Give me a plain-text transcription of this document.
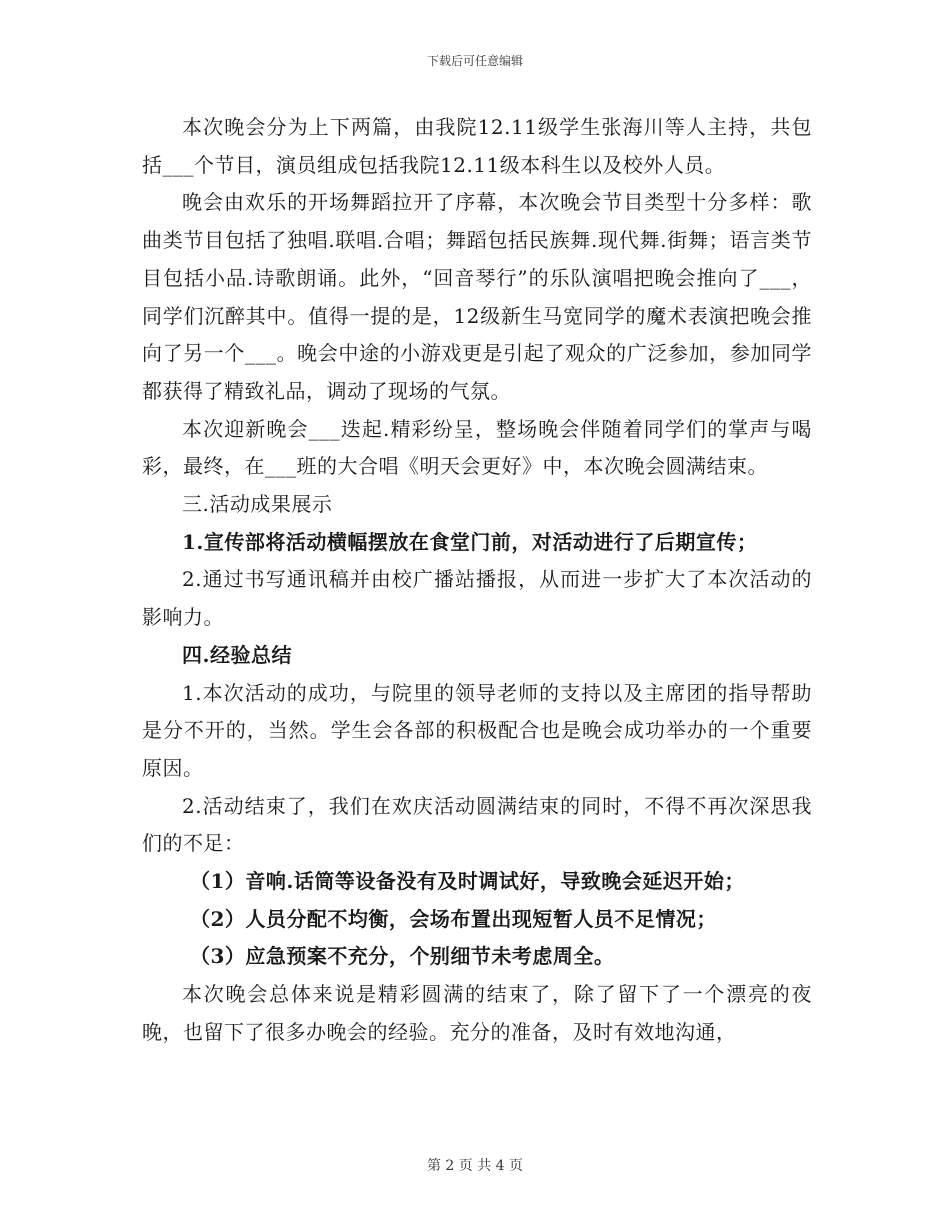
下载后可任意编辑

本次晚会分为上下两篇，由我院12.11级学生张海川等人主持，共包括___个节目，演员组成包括我院12.11级本科生以及校外人员。

晚会由欢乐的开场舞蹈拉开了序幕，本次晚会节目类型十分多样：歌曲类节目包括了独唱.联唱.合唱；舞蹈包括民族舞.现代舞.街舞；语言类节目包括小品.诗歌朗诵。此外，“回音琴行”的乐队演唱把晚会推向了___，同学们沉醉其中。值得一提的是，12级新生马宽同学的魔术表演把晚会推向了另一个___。晚会中途的小游戏更是引起了观众的广泛参加，参加同学都获得了精致礼品，调动了现场的气氛。

本次迎新晚会___迭起.精彩纷呈，整场晚会伴随着同学们的掌声与喝彩，最终，在___班的大合唱《明天会更好》中，本次晚会圆满结束。

三.活动成果展示

1.宣传部将活动横幅摆放在食堂门前，对活动进行了后期宣传；

2.通过书写通讯稿并由校广播站播报，从而进一步扩大了本次活动的影响力。

四.经验总结

1.本次活动的成功，与院里的领导老师的支持以及主席团的指导帮助是分不开的，当然。学生会各部的积极配合也是晚会成功举办的一个重要原因。

2.活动结束了，我们在欢庆活动圆满结束的同时，不得不再次深思我们的不足：

（1）音响.话筒等设备没有及时调试好，导致晚会延迟开始；

（2）人员分配不均衡，会场布置出现短暂人员不足情况；

（3）应急预案不充分，个别细节未考虑周全。

本次晚会总体来说是精彩圆满的结束了，除了留下了一个漂亮的夜晚，也留下了很多办晚会的经验。充分的准备，及时有效地沟通，

第 2 页 共 4 页
